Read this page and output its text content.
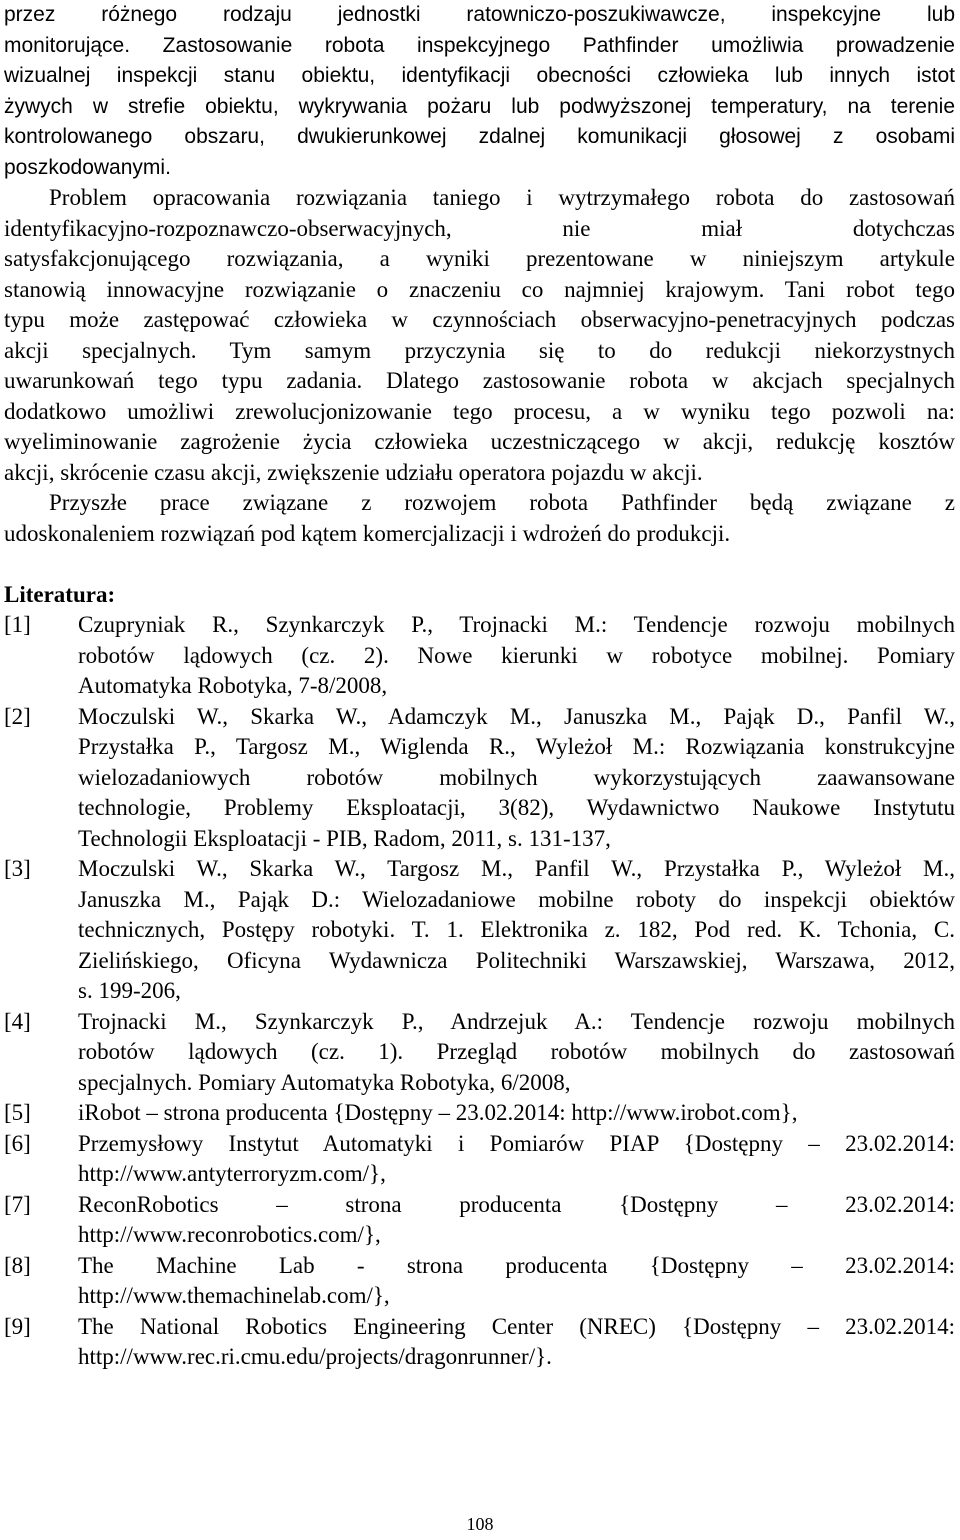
przez różnego rodzaju jednostki ratowniczo-poszukiwawcze, inspekcyjne lub
monitorujące. Zastosowanie robota inspekcyjnego Pathfinder umożliwia prowadzenie
wizualnej inspekcji stanu obiektu, identyfikacji obecności człowieka lub innych istot
żywych w strefie obiektu, wykrywania pożaru lub podwyższonej temperatury, na terenie
kontrolowanego obszaru, dwukierunkowej zdalnej komunikacji głosowej z osobami
poszkodowanymi.
Problem opracowania rozwiązania taniego i wytrzymałego robota do zastosowań
identyfikacyjno-rozpoznawczo-obserwacyjnych, nie miał dotychczas
satysfakcjonującego rozwiązania, a wyniki prezentowane w niniejszym artykule
stanowią innowacyjne rozwiązanie o znaczeniu co najmniej krajowym. Tani robot tego
typu może zastępować człowieka w czynnościach obserwacyjno-penetracyjnych podczas
akcji specjalnych. Tym samym przyczynia się to do redukcji niekorzystnych
uwarunkowań tego typu zadania. Dlatego zastosowanie robota w akcjach specjalnych
dodatkowo umożliwi zrewolucjonizowanie tego procesu, a w wyniku tego pozwoli na:
wyeliminowanie zagrożenie życia człowieka uczestniczącego w akcji, redukcję kosztów
akcji, skrócenie czasu akcji, zwiększenie udziału operatora pojazdu w akcji.
Przyszłe prace związane z rozwojem robota Pathfinder będą związane z
udoskonaleniem rozwiązań pod kątem komercjalizacji i wdrożeń do produkcji.
Literatura:
[1]	Czupryniak R., Szynkarczyk P., Trojnacki M.: Tendencje rozwoju mobilnych
robotów lądowych (cz. 2). Nowe kierunki w robotyce mobilnej. Pomiary
Automatyka Robotyka, 7-8/2008,
[2]	Moczulski W., Skarka W., Adamczyk M., Januszka M., Pająk D., Panfil W.,
Przystałka P., Targosz M., Wiglenda R., Wyleżoł M.: Rozwiązania konstrukcyjne
wielozadaniowych robotów mobilnych wykorzystujących zaawansowane
technologie, Problemy Eksploatacji, 3(82), Wydawnictwo Naukowe Instytutu
Technologii Eksploatacji - PIB, Radom, 2011, s. 131-137,
[3]	Moczulski W., Skarka W., Targosz M., Panfil W., Przystałka P., Wyleżoł M.,
Januszka M., Pająk D.: Wielozadaniowe mobilne roboty do inspekcji obiektów
technicznych, Postępy robotyki. T. 1. Elektronika z. 182, Pod red. K. Tchonia, C.
Zielińskiego, Oficyna Wydawnicza Politechniki Warszawskiej, Warszawa, 2012,
s. 199-206,
[4]	Trojnacki M., Szynkarczyk P., Andrzejuk A.: Tendencje rozwoju mobilnych
robotów lądowych (cz. 1). Przegląd robotów mobilnych do zastosowań
specjalnych. Pomiary Automatyka Robotyka, 6/2008,
[5]	iRobot – strona producenta {Dostępny – 23.02.2014: http://www.irobot.com},
[6]	Przemysłowy Instytut Automatyki i Pomiarów PIAP {Dostępny – 23.02.2014:
http://www.antyterroryzm.com/},
[7]	ReconRobotics – strona producenta {Dostępny – 23.02.2014:
http://www.reconrobotics.com/},
[8]	The Machine Lab - strona producenta {Dostępny – 23.02.2014:
http://www.themachinelab.com/},
[9]	The National Robotics Engineering Center (NREC) {Dostępny – 23.02.2014:
http://www.rec.ri.cmu.edu/projects/dragonrunner/}.
108
